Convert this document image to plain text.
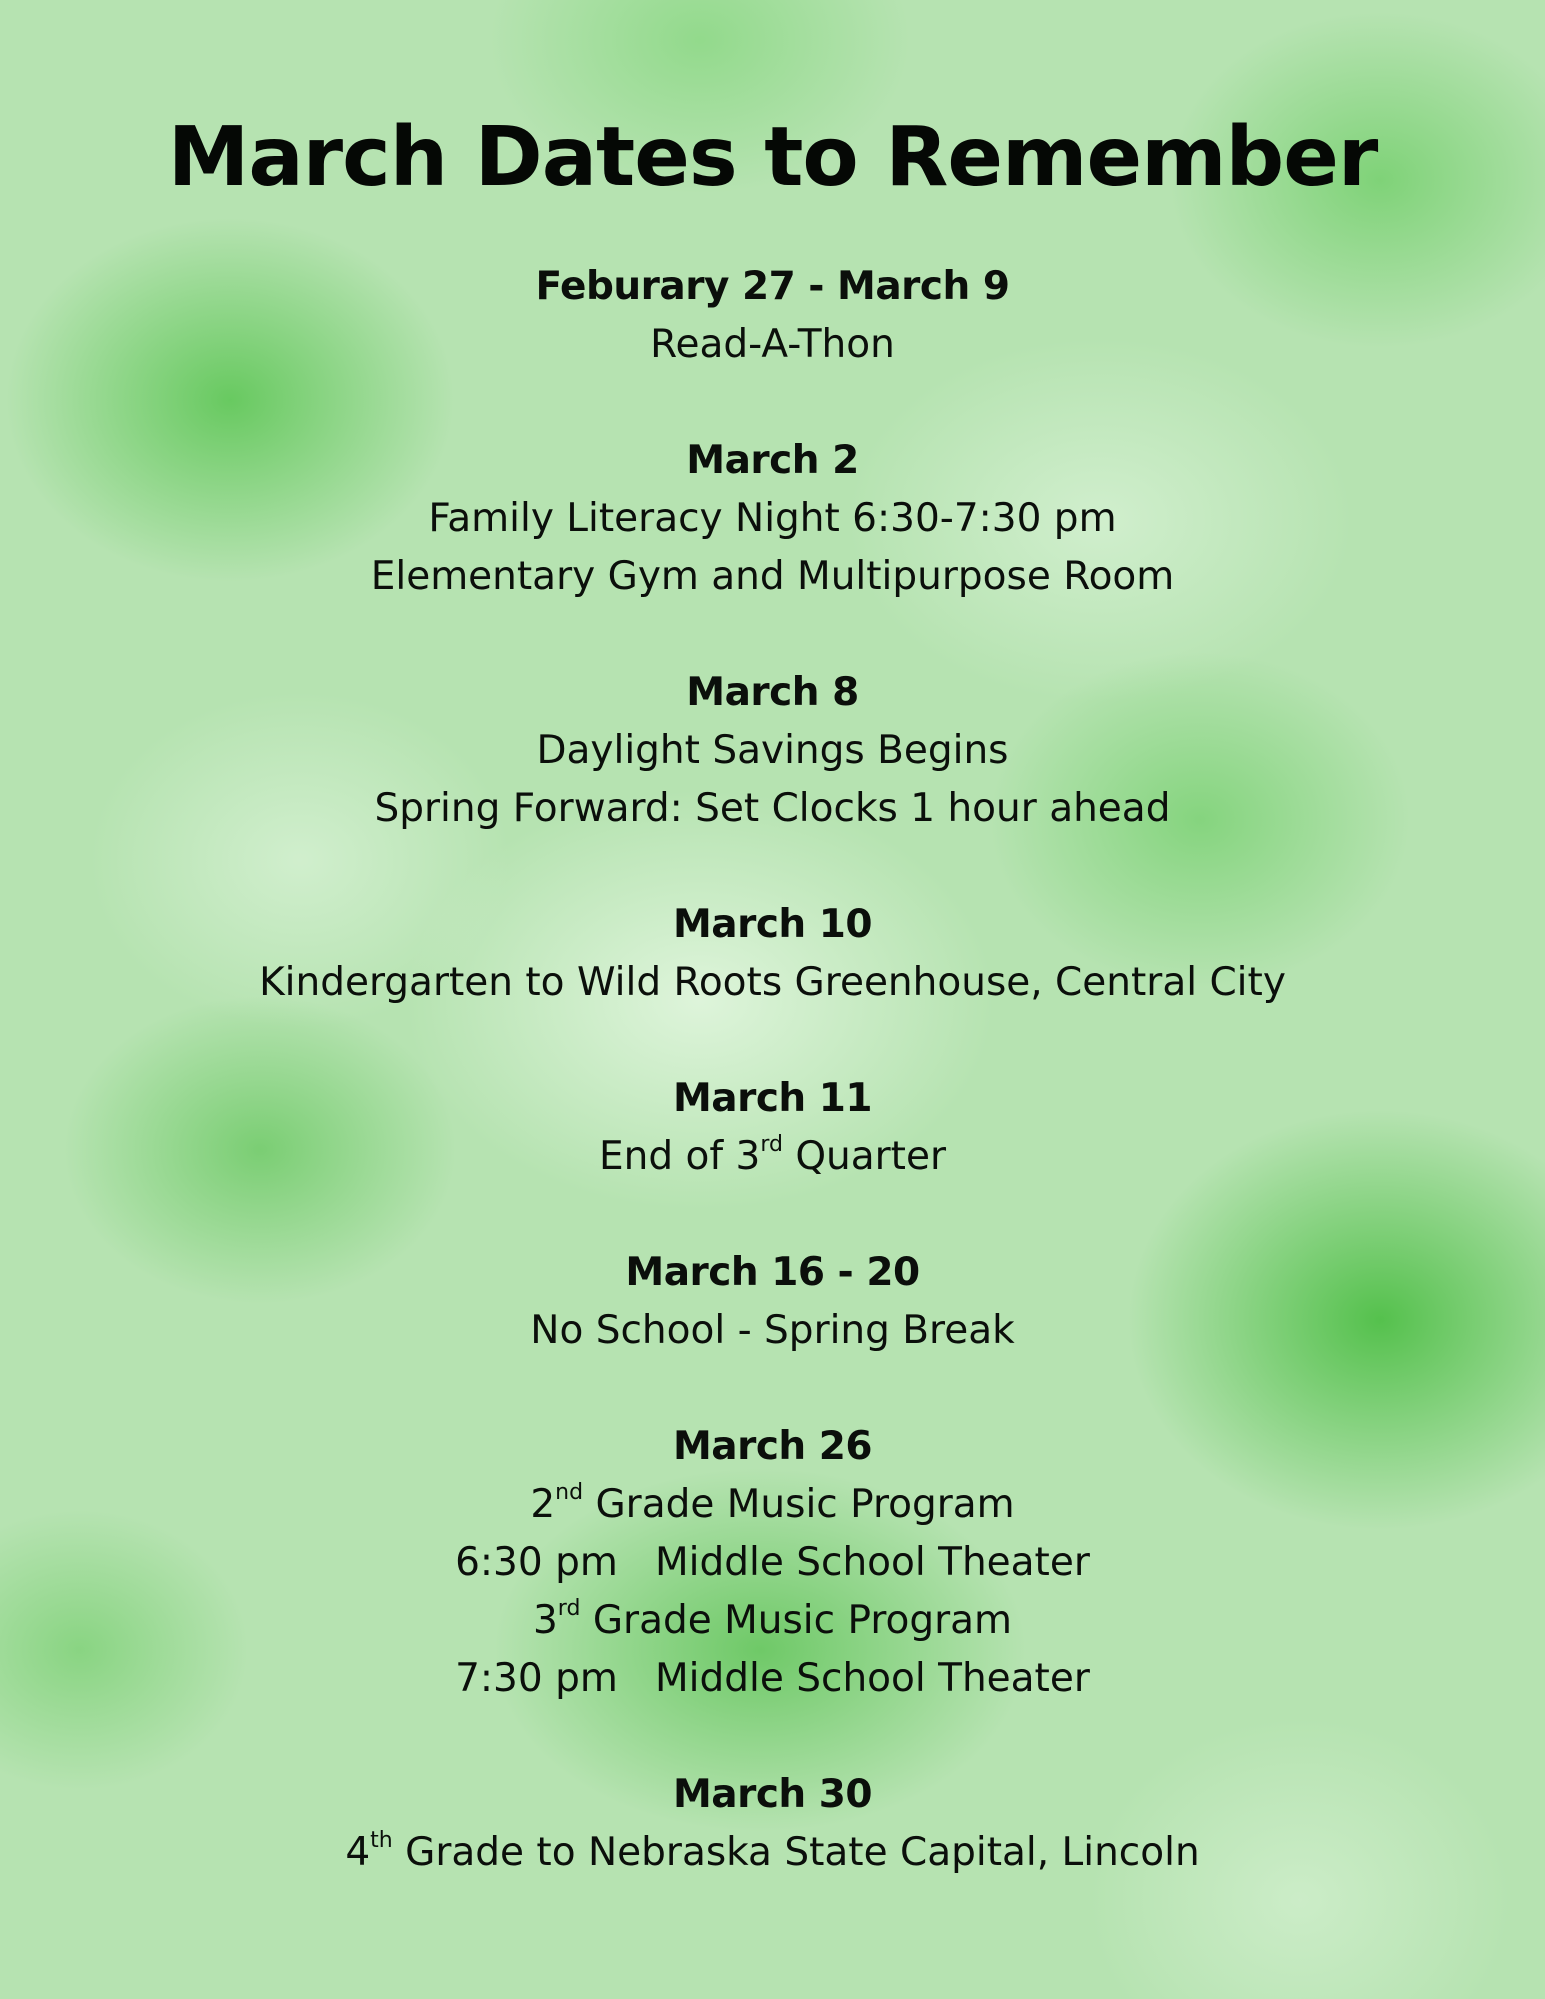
March Dates to Remember
Feburary 27 - March 9
Read-A-Thon
March 2
Family Literacy Night 6:30-7:30 pm
Elementary Gym and Multipurpose Room
March 8
Daylight Savings Begins
Spring Forward: Set Clocks 1 hour ahead
March 10
Kindergarten to Wild Roots Greenhouse, Central City
March 11
End of 3rd Quarter
March 16 - 20
No School - Spring Break
March 26
2nd Grade Music Program
6:30 pm   Middle School Theater
3rd Grade Music Program
7:30 pm   Middle School Theater
March 30
4th Grade to Nebraska State Capital, Lincoln
